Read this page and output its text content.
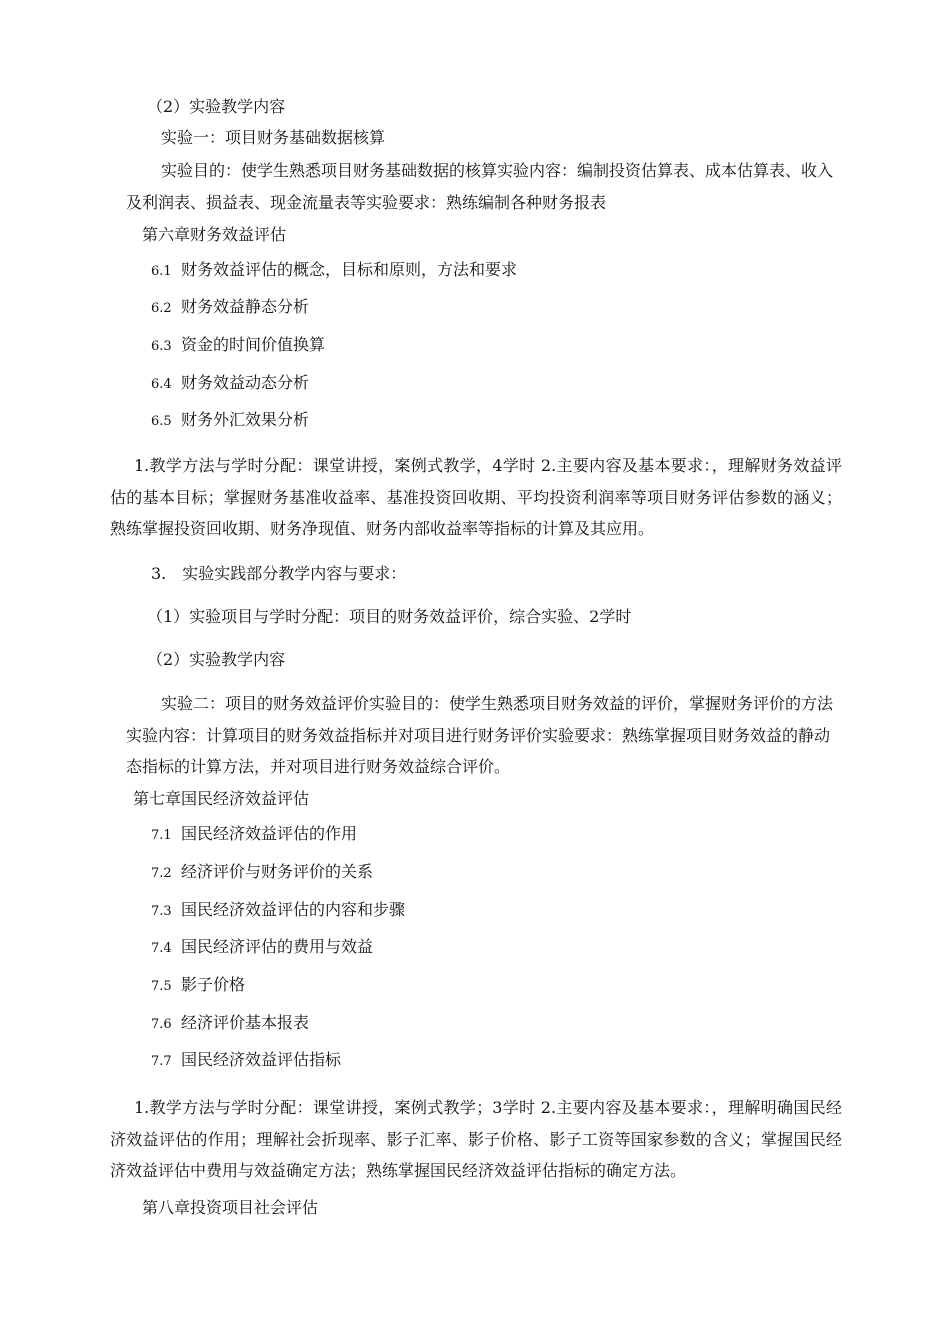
（2）实验教学内容
实验一：项目财务基础数据核算
实验目的：使学生熟悉项目财务基础数据的核算实验内容：编制投资估算表、成本估算表、收入及利润表、损益表、现金流量表等实验要求：熟练编制各种财务报表
第六章财务效益评估
6.1 财务效益评估的概念，目标和原则，方法和要求
6.2 财务效益静态分析
6.3 资金的时间价值换算
6.4 财务效益动态分析
6.5 财务外汇效果分析
1.教学方法与学时分配：课堂讲授，案例式教学，4学时 2.主要内容及基本要求：，理解财务效益评估的基本目标；掌握财务基准收益率、基准投资回收期、平均投资利润率等项目财务评估参数的涵义；熟练掌握投资回收期、财务净现值、财务内部收益率等指标的计算及其应用。
3.　实验实践部分教学内容与要求：
（1）实验项目与学时分配：项目的财务效益评价，综合实验、2学时
（2）实验教学内容
实验二：项目的财务效益评价实验目的：使学生熟悉项目财务效益的评价，掌握财务评价的方法实验内容：计算项目的财务效益指标并对项目进行财务评价实验要求：熟练掌握项目财务效益的静动态指标的计算方法，并对项目进行财务效益综合评价。
第七章国民经济效益评估
7.1 国民经济效益评估的作用
7.2 经济评价与财务评价的关系
7.3 国民经济效益评估的内容和步骤
7.4 国民经济评估的费用与效益
7.5 影子价格
7.6 经济评价基本报表
7.7 国民经济效益评估指标
1.教学方法与学时分配：课堂讲授，案例式教学；3学时 2.主要内容及基本要求：，理解明确国民经济效益评估的作用；理解社会折现率、影子汇率、影子价格、影子工资等国家参数的含义；掌握国民经济效益评估中费用与效益确定方法；熟练掌握国民经济效益评估指标的确定方法。
第八章投资项目社会评估
